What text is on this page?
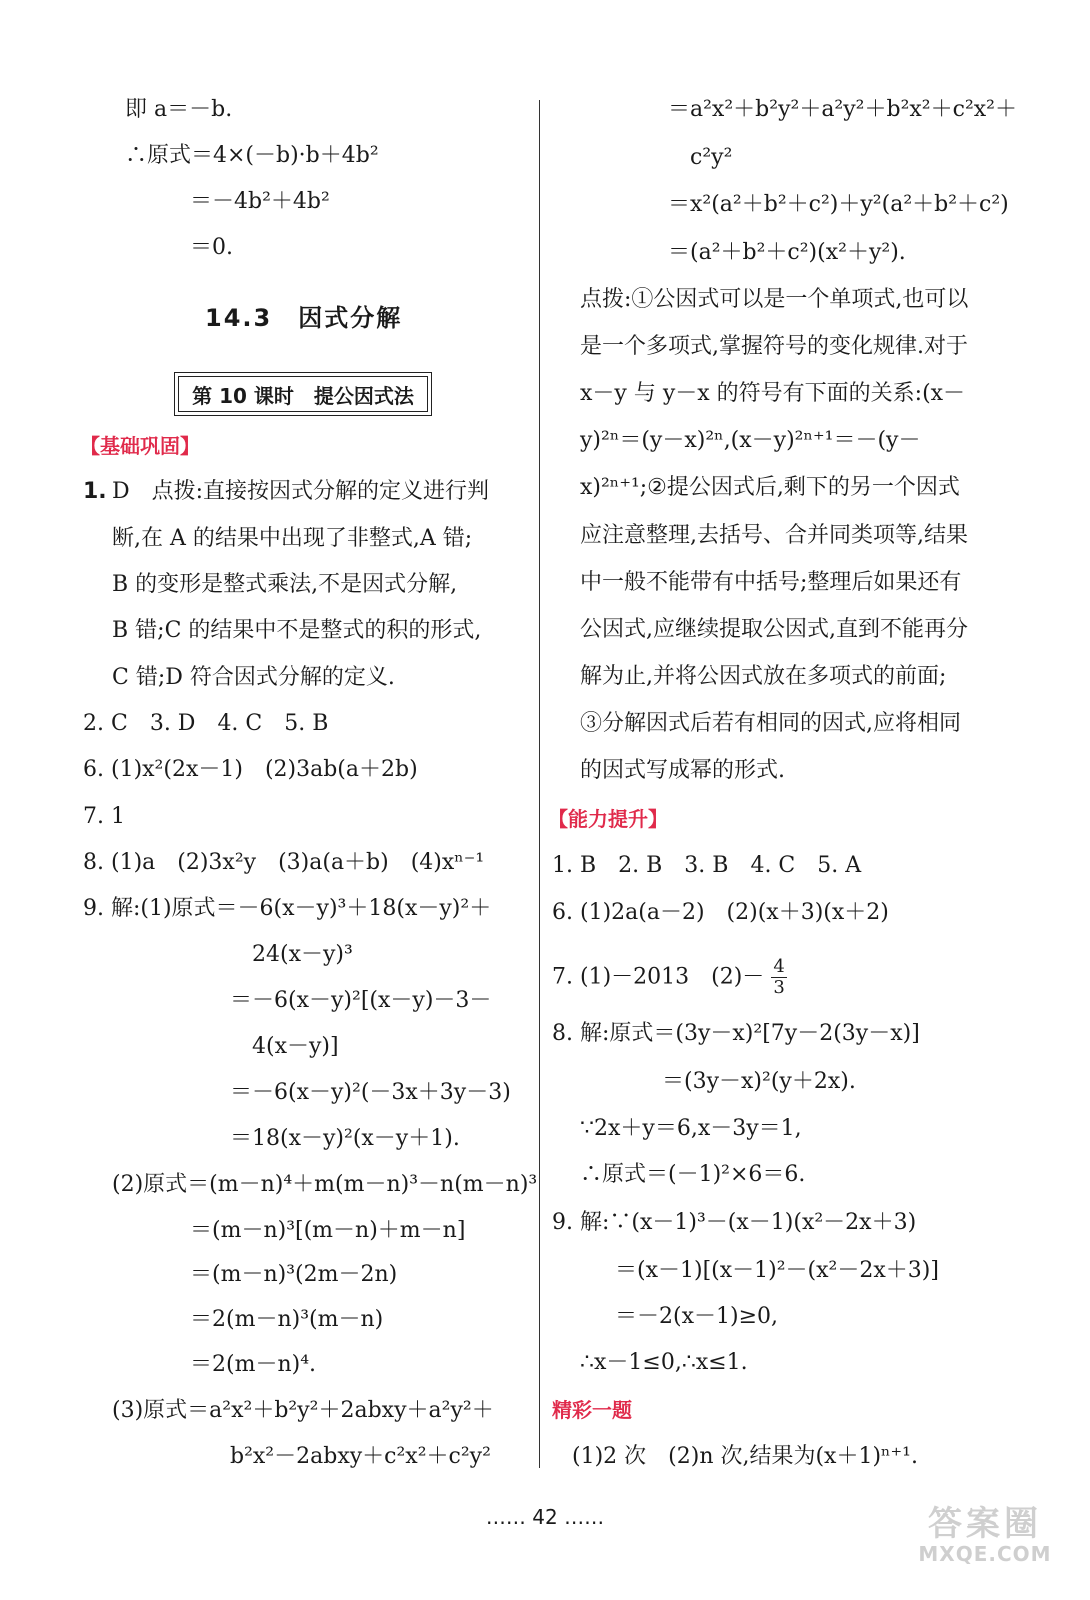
即 a＝－b.
∴原式＝4×(－b)·b＋4b²
＝－4b²＋4b²
＝0.
14.3　因式分解
第 10 课时　提公因式法
【基础巩固】
1. D　点拨:直接按因式分解的定义进行判
断,在 A 的结果中出现了非整式,A 错;
B 的变形是整式乘法,不是因式分解,
B 错;C 的结果中不是整式的积的形式,
C 错;D 符合因式分解的定义.
2. C　3. D　4. C　5. B
6. (1)x²(2x－1)　(2)3ab(a＋2b)
7. 1
8. (1)a　(2)3x²y　(3)a(a＋b)　(4)xⁿ⁻¹
9. 解:(1)原式＝－6(x－y)³＋18(x－y)²＋
24(x－y)³
＝－6(x－y)²[(x－y)－3－
4(x－y)]
＝－6(x－y)²(－3x＋3y－3)
＝18(x－y)²(x－y＋1).
(2)原式＝(m－n)⁴＋m(m－n)³－n(m－n)³
＝(m－n)³[(m－n)＋m－n]
＝(m－n)³(2m－2n)
＝2(m－n)³(m－n)
＝2(m－n)⁴.
(3)原式＝a²x²＋b²y²＋2abxy＋a²y²＋
b²x²－2abxy＋c²x²＋c²y²
＝a²x²＋b²y²＋a²y²＋b²x²＋c²x²＋
c²y²
＝x²(a²＋b²＋c²)＋y²(a²＋b²＋c²)
＝(a²＋b²＋c²)(x²＋y²).
点拨:①公因式可以是一个单项式,也可以
是一个多项式,掌握符号的变化规律.对于
x－y 与 y－x 的符号有下面的关系:(x－
y)²ⁿ＝(y－x)²ⁿ,(x－y)²ⁿ⁺¹＝－(y－
x)²ⁿ⁺¹;②提公因式后,剩下的另一个因式
应注意整理,去括号、合并同类项等,结果
中一般不能带有中括号;整理后如果还有
公因式,应继续提取公因式,直到不能再分
解为止,并将公因式放在多项式的前面;
③分解因式后若有相同的因式,应将相同
的因式写成幂的形式.
【能力提升】
1. B　2. B　3. B　4. C　5. A
6. (1)2a(a－2)　(2)(x＋3)(x＋2)
7. (1)－2013　$(2)- \frac{4}{3}$
8. 解:原式＝(3y－x)²[7y－2(3y－x)]
＝(3y－x)²(y＋2x).
∵2x＋y＝6,x－3y＝1,
∴原式＝(－1)²×6＝6.
9. 解:∵(x－1)³－(x－1)(x²－2x＋3)
＝(x－1)[(x－1)²－(x²－2x＋3)]
＝－2(x－1)≥0,
∴x－1≤0,∴x≤1.
精彩一题
(1)2 次　(2)n 次,结果为(x＋1)ⁿ⁺¹.
…… 42 ……	答案圈
MXQE.COM
